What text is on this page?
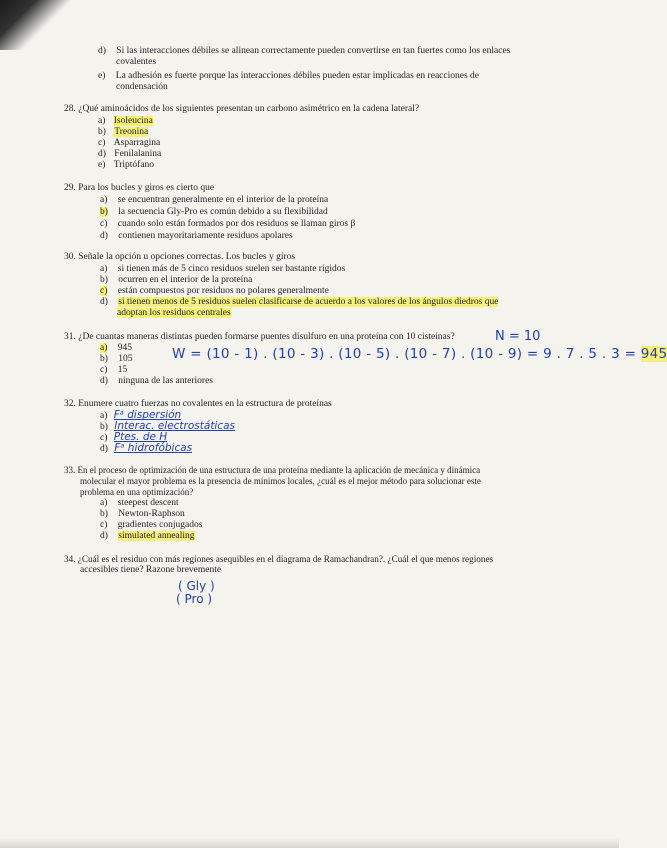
d) Si las interacciones débiles se alinean correctamente pueden convertirse en tan fuertes como los enlaces
covalentes
e) La adhesión es fuerte porque las interacciones débiles pueden estar implicadas en reacciones de
condensación
28. ¿Qué aminoácidos de los siguientes presentan un carbono asimétrico en la cadena lateral?
a) Isoleucina
b) Treonina
c) Asparragina
d) Fenilalanina
e) Triptófano
29. Para los bucles y giros es cierto que
a) se encuentran generalmente en el interior de la proteína
b) la secuencia Gly-Pro es común debido a su flexibilidad
c) cuando solo están formados por dos residuos se llaman giros β
d) contienen mayoritariamente residuos apolares
30. Señale la opción u opciones correctas. Los bucles y giros
a) si tienen más de 5 cinco residuos suelen ser bastante rígidos
b) ocurren en el interior de la proteína
c) están compuestos por residuos no polares generalmente
d) si tienen menos de 5 residuos suelen clasificarse de acuerdo a los valores de los ángulos diedros que
adoptan los residuos centrales
31. ¿De cuantas maneras distintas pueden formarse puentes disulfuro en una proteína con 10 cisteínas?	N = 10
W = (10 - 1) . (10 - 3) . (10 - 5) . (10 - 7) . (10 - 9) = 9 . 7 . 5 . 3 = 945
a) 945
b) 105
c) 15
d) ninguna de las anteriores
32. Enumere cuatro fuerzas no covalentes en la estructura de proteínas
a) Fᵃ dispersión
b) Interac. electrostáticas
c) Ptes. de H
d) Fᵃ hidrofóbicas
33. En el proceso de optimización de una estructura de una proteína mediante la aplicación de mecánica y dinámica
molecular el mayor problema es la presencia de mínimos locales, ¿cuál es el mejor método para solucionar este
problema en una optimización?
a) steepest descent
b) Newton-Raphson
c) gradientes conjugados
d) simulated annealing
34. ¿Cuál es el residuo con más regiones asequibles en el diagrama de Ramachandran?. ¿Cuál el que menos regiones
accesibles tiene? Razone brevemente
( Gly )
( Pro )
